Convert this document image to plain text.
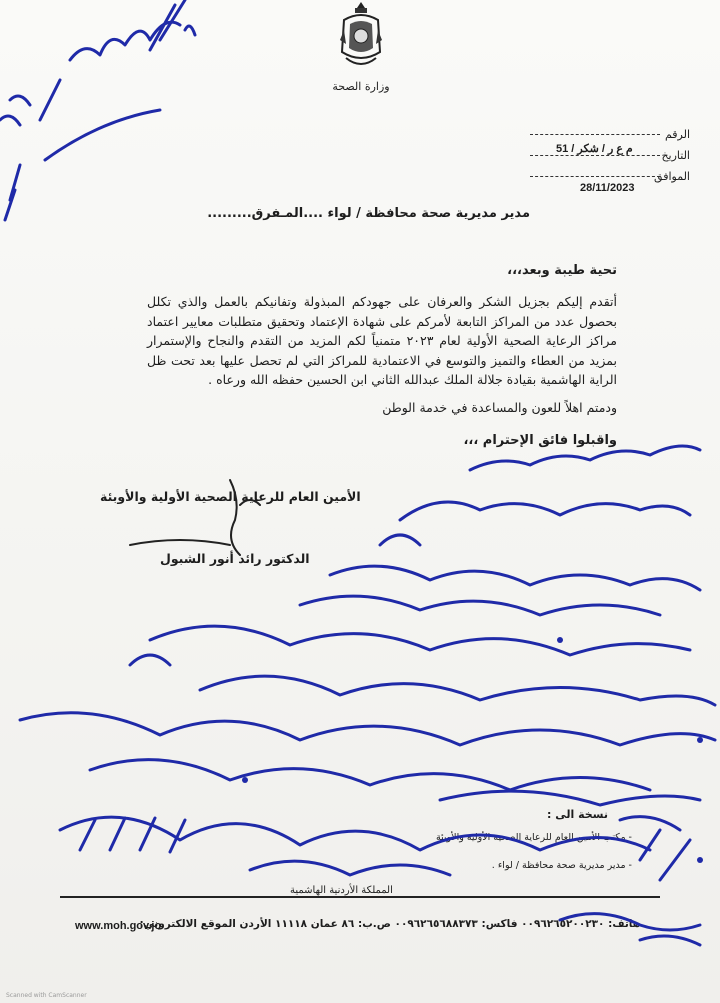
وزارة الصحة
الرقم
التاريخ
الموافق
م ع ر / شكر / 51
28/11/2023
مدير مديرية صحة محافظة / لواء ....المـفرق.........
تحية طيبة وبعد،،،
أتقدم إليكم بجزيل الشكر والعرفان على جهودكم المبذولة وتفانيكم بالعمل والذي تكلل بحصول عدد من المراكز التابعة لأمركم على شهادة الإعتماد وتحقيق متطلبات معايير اعتماد مراكز الرعاية الصحية الأولية لعام ٢٠٢٣ متمنياً لكم المزيد من التقدم والنجاح والإستمرار بمزيد من العطاء والتميز والتوسع في الاعتمادية للمراكز التي لم تحصل عليها بعد تحت ظل الراية الهاشمية بقيادة جلالة الملك عبدالله الثاني ابن الحسين حفظه الله ورعاه .
ودمتم اهلاً للعون والمساعدة في خدمة الوطن
واقبلوا فائق الإحترام ،،،
الأمين العام للرعاية الصحية الأولية والأوبئة
الدكتور رائد أنور الشبول
نسخة الى :
- مكتب الأمين العام للرعاية الصحية الأولية والأوبئة
- مدير مديرية صحة محافظة / لواء .
المملكة الأردنية الهاشمية
هاتف: ٠٠٩٦٢٦٥٢٠٠٢٣٠ فاكس: ٠٠٩٦٢٦٥٦٨٨٣٧٣ ص.ب: ٨٦ عمان ١١١١٨ الأردن الموقع الالكتروني:
www.moh.gov.jo
Scanned with CamScanner
